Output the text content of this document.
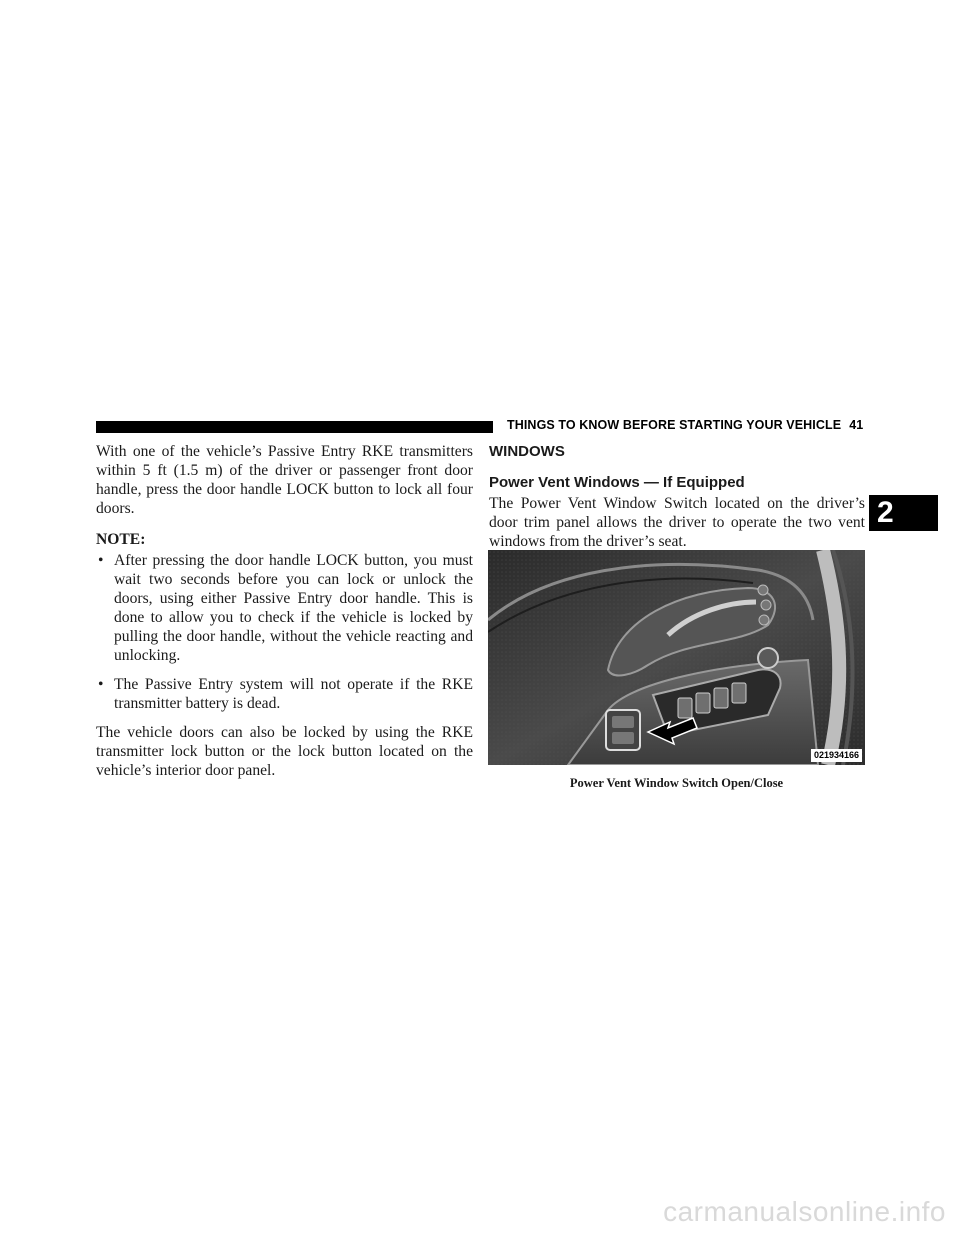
THINGS TO KNOW BEFORE STARTING YOUR VEHICLE 41
2

With one of the vehicle’s Passive Entry RKE transmitters within 5 ft (1.5 m) of the driver or passenger front door handle, press the door handle LOCK button to lock all four doors.

NOTE:
• After pressing the door handle LOCK button, you must wait two seconds before you can lock or unlock the doors, using either Passive Entry door handle. This is done to allow you to check if the vehicle is locked by pulling the door handle, without the vehicle reacting and unlocking.
• The Passive Entry system will not operate if the RKE transmitter battery is dead.

The vehicle doors can also be locked by using the RKE transmitter lock button or the lock button located on the vehicle’s interior door panel.

WINDOWS
Power Vent Windows — If Equipped

The Power Vent Window Switch located on the driver’s door trim panel allows the driver to operate the two vent windows from the driver’s seat.

021934166
Power Vent Window Switch Open/Close
carmanualsonline.info
